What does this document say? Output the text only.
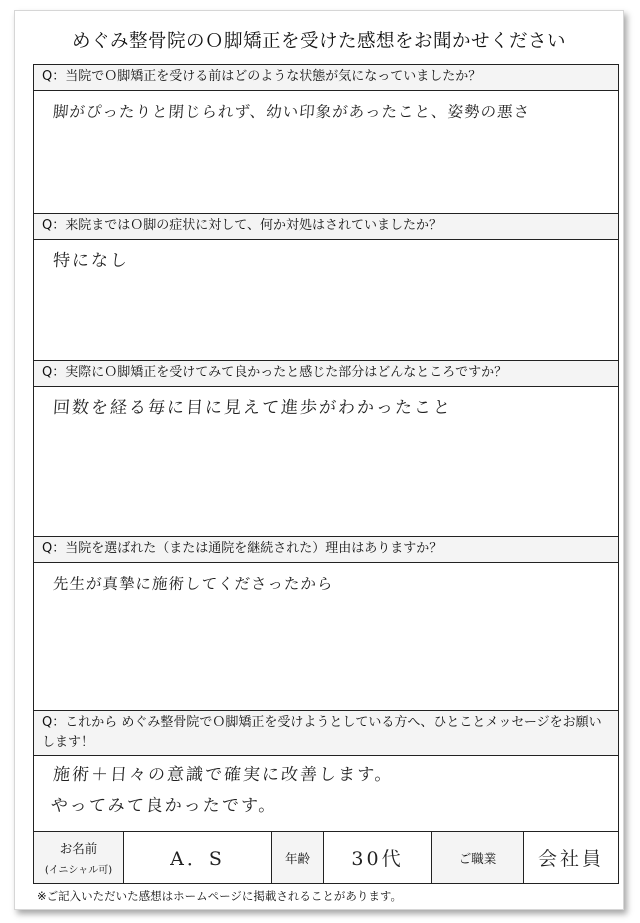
めぐみ整骨院のＯ脚矯正を受けた感想をお聞かせください
Q：当院でＯ脚矯正を受ける前はどのような状態が気になっていましたか？
脚がぴったりと閉じられず、幼い印象があったこと、姿勢の悪さ
Q：来院まではＯ脚の症状に対して、何か対処はされていましたか？
特になし
Q：実際にＯ脚矯正を受けてみて良かったと感じた部分はどんなところですか？
回数を経る毎に目に見えて進歩がわかったこと
Q：当院を選ばれた（または通院を継続された）理由はありますか？
先生が真摯に施術してくださったから
Q：これから めぐみ整骨院でＯ脚矯正を受けようとしている方へ、ひとことメッセージをお願いします！
施術＋日々の意識で確実に改善します。
やってみて良かったです。
お名前
(イニシャル可)
A．S	年齢 30代	ご職業 会社員
※ご記入いただいた感想はホームページに掲載されることがあります。
